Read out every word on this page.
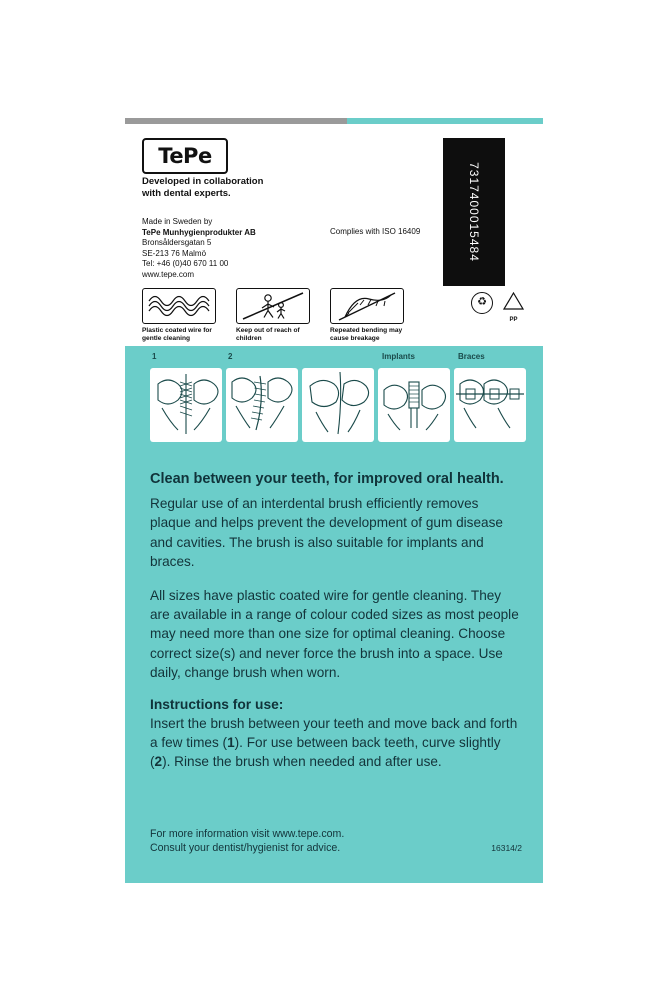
TePe
Developed in collaboration with dental experts.
Made in Sweden by
TePe Munhygienprodukter AB
Bronsåldersgatan 5
SE-213 76 Malmö
Tel: +46 (0)40 670 11 00
www.tepe.com
Complies with ISO 16409	7317400015484
Plastic coated wire for gentle cleaning
Keep out of reach of children
Repeated bending may cause breakage
♻
PP
1	2	Implants	Braces
Clean between your teeth, for improved oral health.

Regular use of an interdental brush efficiently removes plaque and helps prevent the development of gum disease and cavities. The brush is also suitable for implants and braces.

All sizes have plastic coated wire for gentle cleaning. They are available in a range of colour coded sizes as most people may need more than one size for optimal cleaning. Choose correct size(s) and never force the brush into a space. Use daily, change brush when worn.

Instructions for use:

Insert the brush between your teeth and move back and forth a few times (1). For use between back teeth, curve slightly (2). Rinse the brush when needed and after use.

For more information visit www.tepe.com.
Consult your dentist/hygienist for advice.	16314/2
